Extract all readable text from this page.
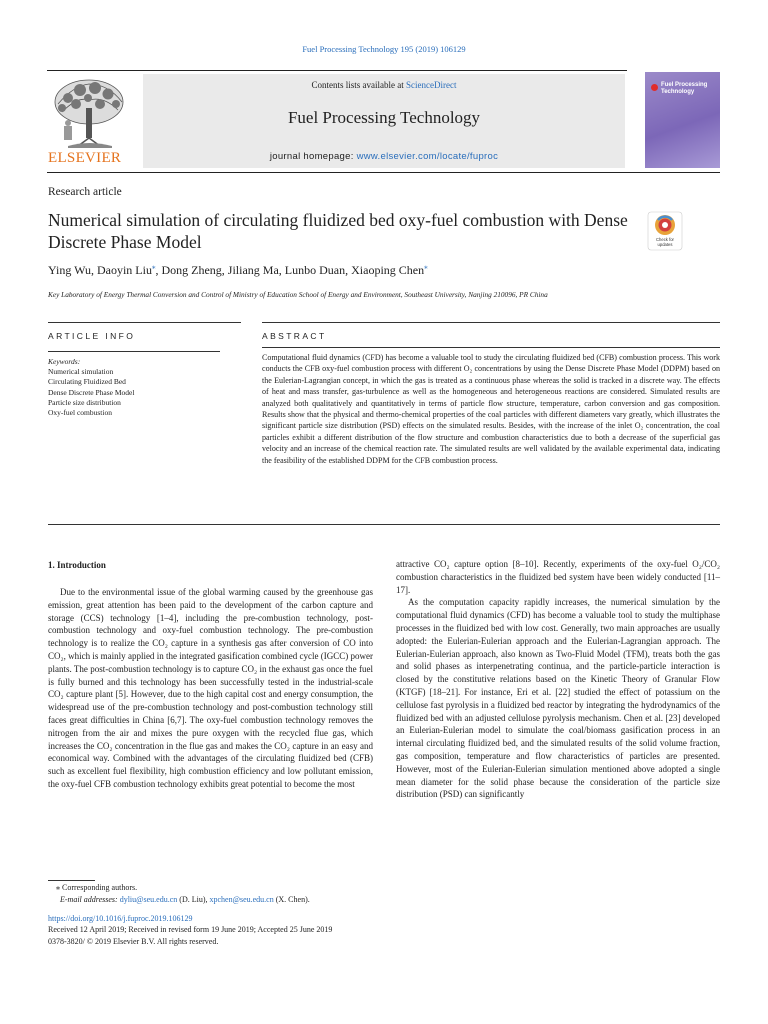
Fuel Processing Technology 195 (2019) 106129
ELSEVIER
Contents lists available at ScienceDirect
Fuel Processing Technology
journal homepage: www.elsevier.com/locate/fuproc
Fuel Processing Technology
Research article
Numerical simulation of circulating fluidized bed oxy-fuel combustion with Dense Discrete Phase Model	Check for
updates
Ying Wu, Daoyin Liu⁎, Dong Zheng, Jiliang Ma, Lunbo Duan, Xiaoping Chen⁎
Key Laboratory of Energy Thermal Conversion and Control of Ministry of Education School of Energy and Environment, Southeast University, Nanjing 210096, PR China
ARTICLE INFO	ABSTRACT
Keywords:
Numerical simulation
Circulating Fluidized Bed
Dense Discrete Phase Model
Particle size distribution
Oxy-fuel combustion
Computational fluid dynamics (CFD) has become a valuable tool to study the circulating fluidized bed (CFB) combustion process. This work conducts the CFB oxy-fuel combustion process with different O₂ concentrations by using the Dense Discrete Phase Model (DDPM) based on the Eulerian-Lagrangian concept, in which the gas is treated as a continuous phase whereas the solid is tracked in a discrete way. The effects of heat and mass transfer, gas-turbulence as well as the homogeneous and heterogeneous reactions are considered. Simulated results are analyzed both qualitatively and quantitatively in terms of particle flow structure, temperature, carbon conversion and gas composition. Results show that the physical and thermo-chemical properties of the coal particles with different diameters vary greatly, which illustrates the significant particle size distribution (PSD) effects on the simulated results. Besides, with the increase of the inlet O₂ concentration, the coal particles exhibit a different distribution of the flow structure and combustion characteristics due to both a decrease of the superficial gas velocity and an increase of the chemical reaction rate. The simulated results are well validated by the available experimental data, indicating the feasibility of the established DDPM for the CFB combustion process.
1. Introduction

Due to the environmental issue of the global warming caused by the greenhouse gas emission, great attention has been paid to the development of the carbon capture and storage (CCS) technology [1–4], including the pre-combustion technology, post-combustion technology and oxy-fuel combustion technology. The pre-combustion technology is to realize the CO₂ capture in a synthesis gas after conversion of CO into CO₂, which is mainly applied in the integrated gasification combined cycle (IGCC) power plants. The post-combustion technology is to capture CO₂ in the exhaust gas once the fuel is fully burned and this technology has been successfully tested in the industrial-scale CO₂ capture plant [5]. However, due to the high capital cost and energy consumption, the widespread use of the pre-combustion technology and post-combustion technology still faces great difficulties in China [6,7]. The oxy-fuel combustion technology removes the nitrogen from the air and mixes the pure oxygen with the recycled flue gas, which increases the CO₂ concentration in the flue gas and makes the CO₂ capture in an easy and economical way. Combined with the advantages of the circulating fluidized bed (CFB) such as excellent fuel flexibility, high combustion efficiency and low pollutant emission, the oxy-fuel CFB combustion technology exhibits great potential to become the most

attractive CO₂ capture option [8–10]. Recently, experiments of the oxy-fuel O₂/CO₂ combustion characteristics in the fluidized bed system have been widely conducted [11–17].

As the computation capacity rapidly increases, the numerical simulation by the computational fluid dynamics (CFD) has become a valuable tool to study the multiphase processes in the fluidized bed with low cost. Generally, two main approaches are usually adopted: the Eulerian-Eulerian approach and the Eulerian-Lagrangian approach. The Eulerian-Eulerian approach, also known as Two-Fluid Model (TFM), treats both the gas and solid phases as interpenetrating continua, and the particle-particle interaction is closed by the constitutive relations based on the Kinetic Theory of Granular Flow (KTGF) [18–21]. For instance, Eri et al. [22] studied the effect of potassium on the cellulose fast pyrolysis in a fluidized bed reactor by integrating the hydrodynamics of the fluidized bed with an adjusted cellulose pyrolysis mechanism. Chen et al. [23] developed an Eulerian-Eulerian model to simulate the coal/biomass gasification process in an internal circulating fluidized bed, and the simulated results of the solid volume fraction, gas composition, temperature and flow characteristics of particles are presented. However, most of the Eulerian-Eulerian simulation mentioned above adopted a single mean diameter for the solid phase because the consideration of the particle size distribution (PSD) can significantly

⁎ Corresponding authors.
E-mail addresses: dyliu@seu.edu.cn (D. Liu), xpchen@seu.edu.cn (X. Chen).
https://doi.org/10.1016/j.fuproc.2019.106129
Received 12 April 2019; Received in revised form 19 June 2019; Accepted 25 June 2019
0378-3820/ © 2019 Elsevier B.V. All rights reserved.
